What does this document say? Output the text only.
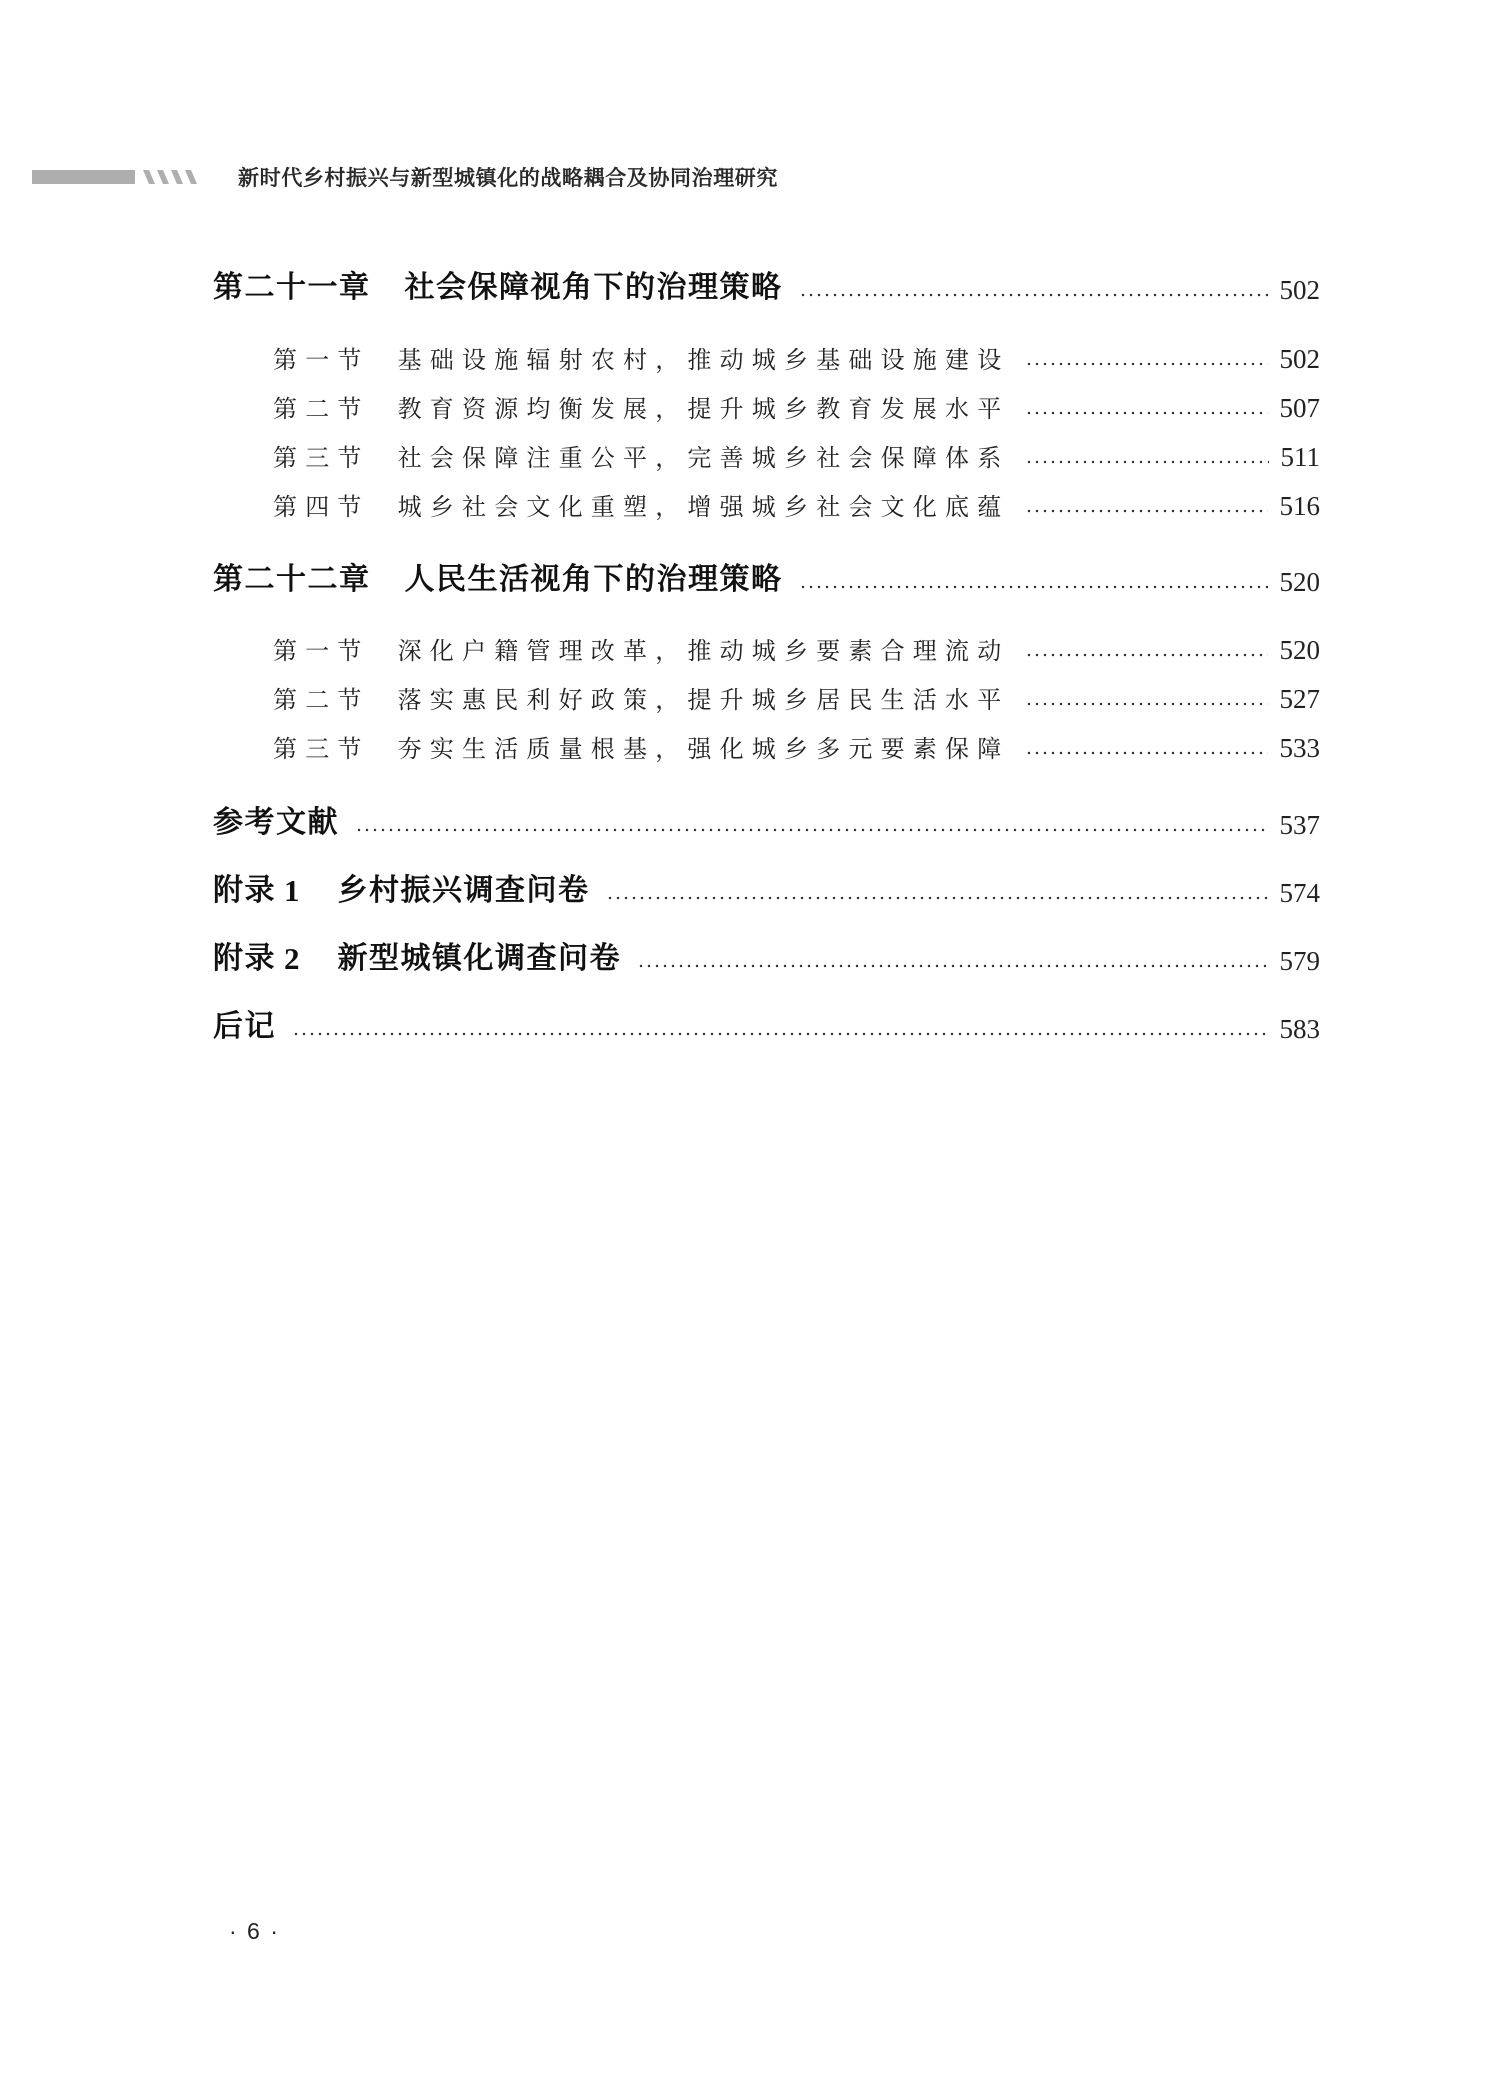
新时代乡村振兴与新型城镇化的战略耦合及协同治理研究
第二十一章 社会保障视角下的治理策略	502
第一节 基础设施辐射农村，推动城乡基础设施建设	502
第二节 教育资源均衡发展，提升城乡教育发展水平	507
第三节 社会保障注重公平，完善城乡社会保障体系	511
第四节 城乡社会文化重塑，增强城乡社会文化底蕴	516
第二十二章 人民生活视角下的治理策略	520
第一节 深化户籍管理改革，推动城乡要素合理流动	520
第二节 落实惠民利好政策，提升城乡居民生活水平	527
第三节 夯实生活质量根基，强化城乡多元要素保障	533
参考文献	537
附录 1 乡村振兴调查问卷	574
附录 2 新型城镇化调查问卷	579
后记	583
· 6 ·
